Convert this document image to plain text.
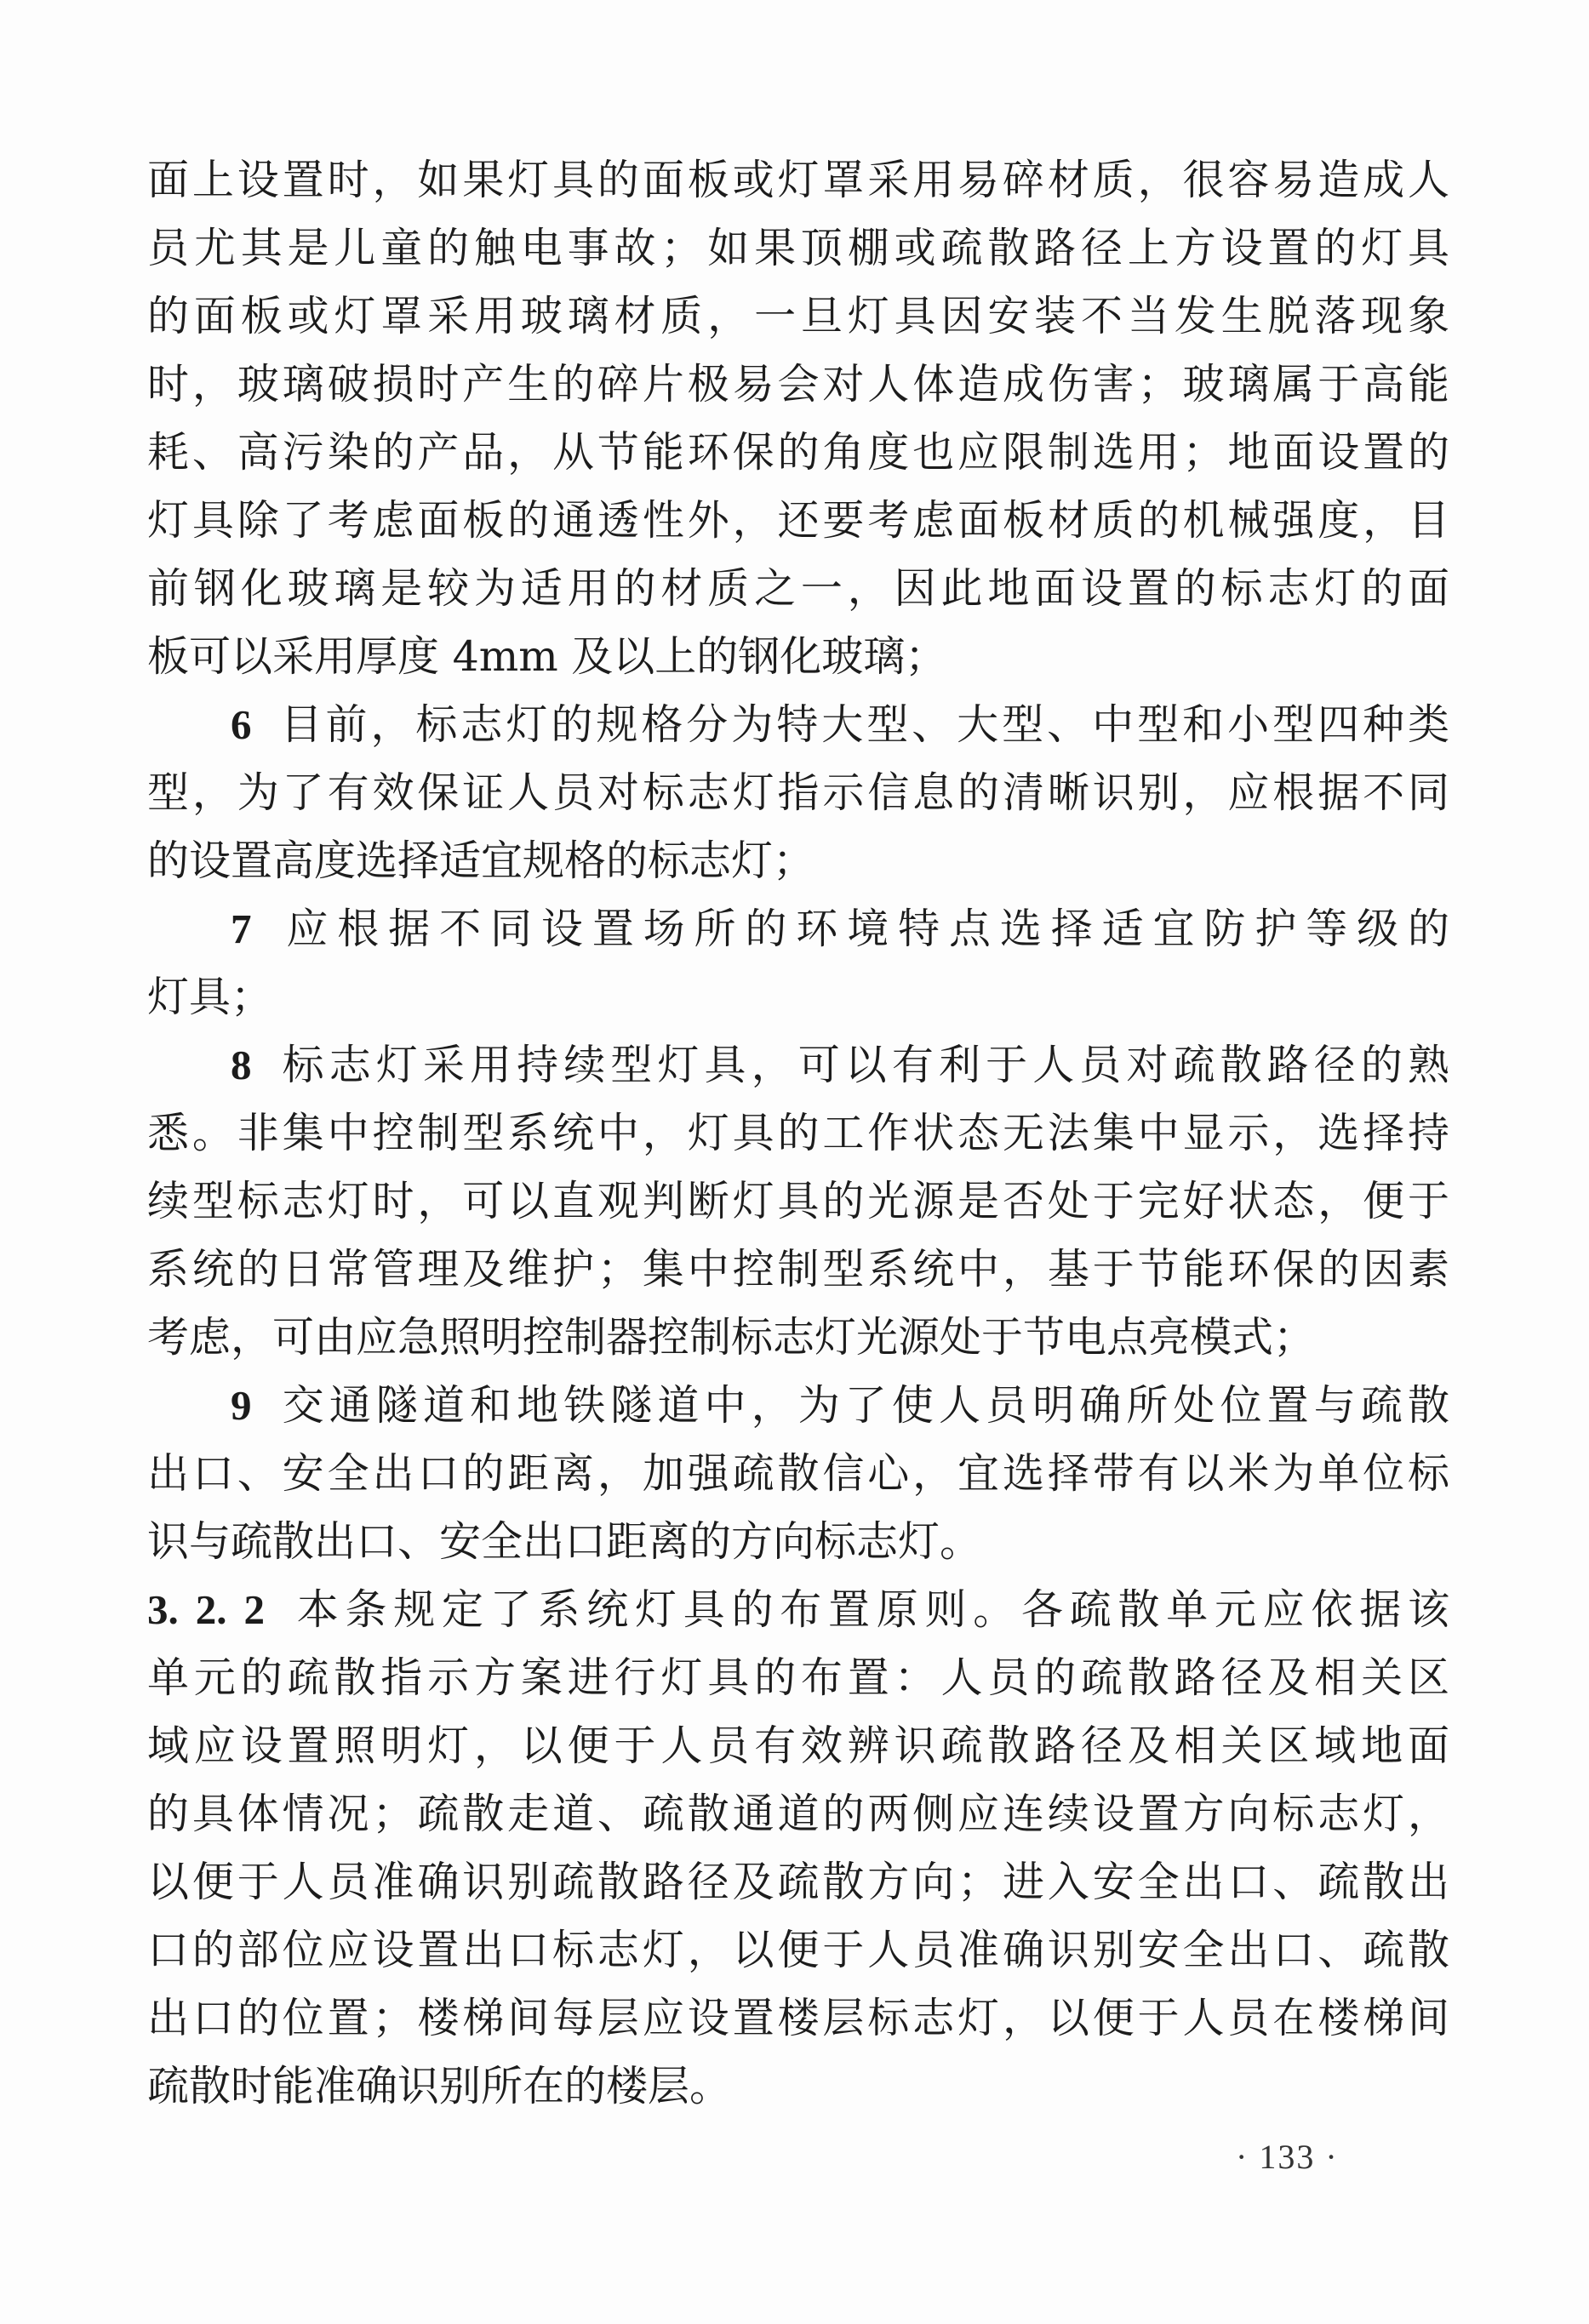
面上设置时，如果灯具的面板或灯罩采用易碎材质，很容易造成人
员尤其是儿童的触电事故；如果顶棚或疏散路径上方设置的灯具
的面板或灯罩采用玻璃材质，一旦灯具因安装不当发生脱落现象
时，玻璃破损时产生的碎片极易会对人体造成伤害；玻璃属于高能
耗、高污染的产品，从节能环保的角度也应限制选用；地面设置的
灯具除了考虑面板的通透性外，还要考虑面板材质的机械强度，目
前钢化玻璃是较为适用的材质之一，因此地面设置的标志灯的面
板可以采用厚度 4mm 及以上的钢化玻璃；
6 目前，标志灯的规格分为特大型、大型、中型和小型四种类
型，为了有效保证人员对标志灯指示信息的清晰识别，应根据不同
的设置高度选择适宜规格的标志灯；
7 应根据不同设置场所的环境特点选择适宜防护等级的
灯具；
8 标志灯采用持续型灯具，可以有利于人员对疏散路径的熟
悉。非集中控制型系统中，灯具的工作状态无法集中显示，选择持
续型标志灯时，可以直观判断灯具的光源是否处于完好状态，便于
系统的日常管理及维护；集中控制型系统中，基于节能环保的因素
考虑，可由应急照明控制器控制标志灯光源处于节电点亮模式；
9 交通隧道和地铁隧道中，为了使人员明确所处位置与疏散
出口、安全出口的距离，加强疏散信心，宜选择带有以米为单位标
识与疏散出口、安全出口距离的方向标志灯。
3. 2. 2 本条规定了系统灯具的布置原则。各疏散单元应依据该
单元的疏散指示方案进行灯具的布置：人员的疏散路径及相关区
域应设置照明灯，以便于人员有效辨识疏散路径及相关区域地面
的具体情况；疏散走道、疏散通道的两侧应连续设置方向标志灯，
以便于人员准确识别疏散路径及疏散方向；进入安全出口、疏散出
口的部位应设置出口标志灯，以便于人员准确识别安全出口、疏散
出口的位置；楼梯间每层应设置楼层标志灯，以便于人员在楼梯间
疏散时能准确识别所在的楼层。
· 133 ·
